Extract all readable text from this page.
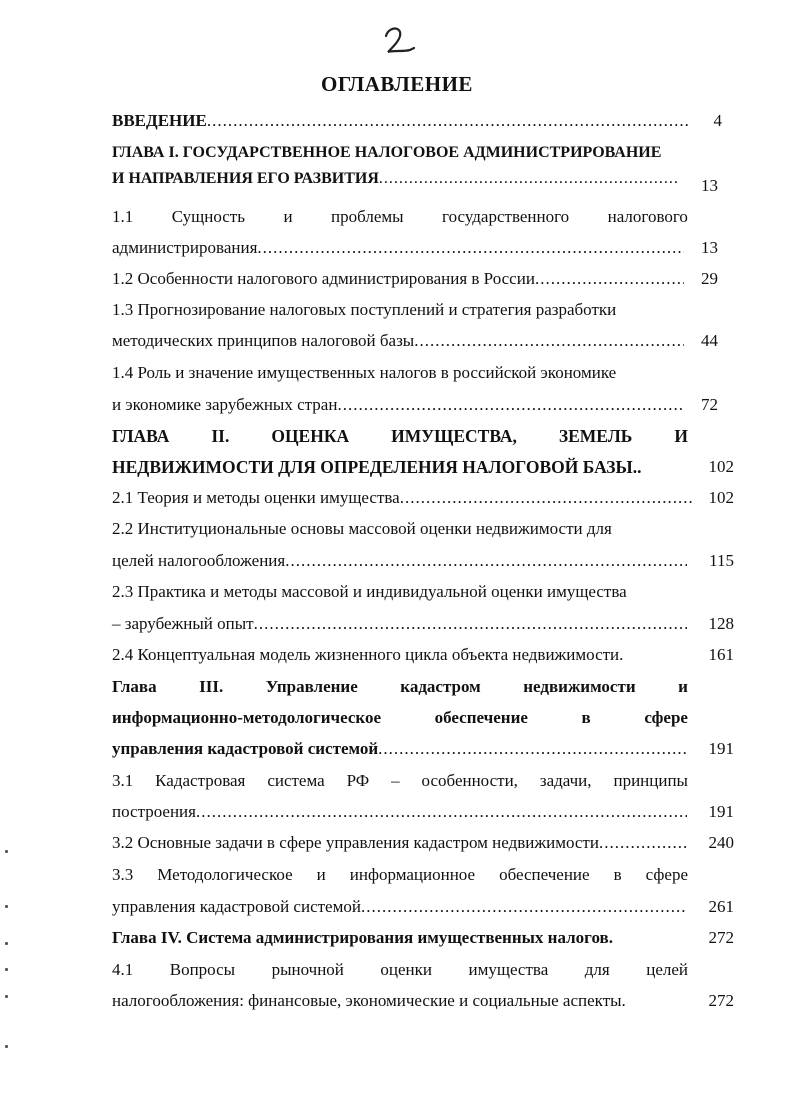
2
ОГЛАВЛЕНИЕ
ВВЕДЕНИЕ .....	4
ГЛАВА I. ГОСУДАРСТВЕННОЕ НАЛОГОВОЕ АДМИНИСТРИРОВАНИЕ
И НАПРАВЛЕНИЯ ЕГО РАЗВИТИЯ .....	13
1.1 Сущность и проблемы государственного налогового
администрирования .....	13
1.2 Особенности налогового администрирования в России .....	29
1.3 Прогнозирование налоговых поступлений и стратегия разработки
методических принципов налоговой базы .....	44
1.4 Роль и значение имущественных налогов в российской экономике
и экономике зарубежных стран .....	72
ГЛАВА II. ОЦЕНКА ИМУЩЕСТВА, ЗЕМЕЛЬ И
НЕДВИЖИМОСТИ ДЛЯ ОПРЕДЕЛЕНИЯ НАЛОГОВОЙ БАЗЫ..	102
2.1 Теория и методы оценки имущества .....	102
2.2 Институциональные основы массовой оценки недвижимости для
целей налогообложения .....	115
2.3 Практика и методы массовой и индивидуальной оценки имущества
– зарубежный опыт .....	128
2.4 Концептуальная модель жизненного цикла объекта недвижимости.	161
Глава	III.	Управление	кадастром	недвижимости	и
информационно-методологическое	обеспечение	в	сфере
управления кадастровой системой .....	191
3.1 Кадастровая система РФ – особенности, задачи, принципы
построения .....	191
3.2 Основные задачи в сфере управления кадастром недвижимости .....	240
3.3 Методологическое и информационное обеспечение в сфере
управления кадастровой системой .....	261
Глава IV. Система администрирования имущественных налогов.	272
4.1 Вопросы рыночной оценки имущества для целей
налогообложения: финансовые, экономические и социальные аспекты.	272
